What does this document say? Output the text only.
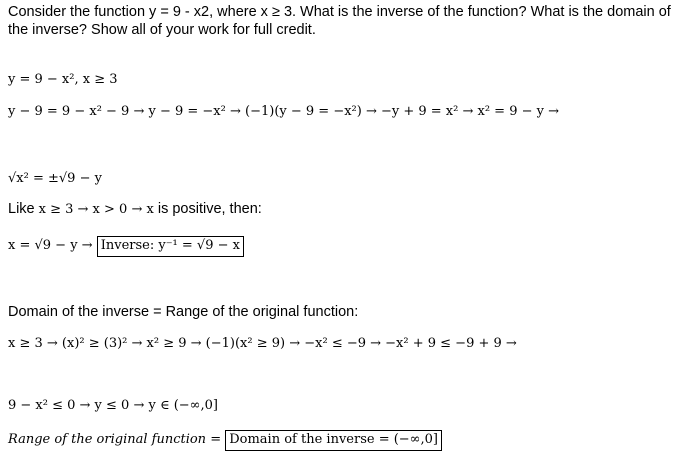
Consider the function y = 9 - x2, where x ≥ 3. What is the inverse of the function? What is the domain of the inverse? Show all of your work for full credit.
y = 9 − x², x ≥ 3
y − 9 = 9 − x² − 9 → y − 9 = −x² → (−1)(y − 9 = −x²) → −y + 9 = x² → x² = 9 − y →
√x² = ±√9 − y
Like x ≥ 3 → x > 0 → x is positive, then:
x = √9 − y → Inverse: y⁻¹ = √9 − x
Domain of the inverse = Range of the original function:
x ≥ 3 → (x)² ≥ (3)² → x² ≥ 9 → (−1)(x² ≥ 9) → −x² ≤ −9 → −x² + 9 ≤ −9 + 9 →
9 − x² ≤ 0 → y ≤ 0 → y ∈ (−∞,0]
Range of the original function = Domain of the inverse = (−∞,0]
